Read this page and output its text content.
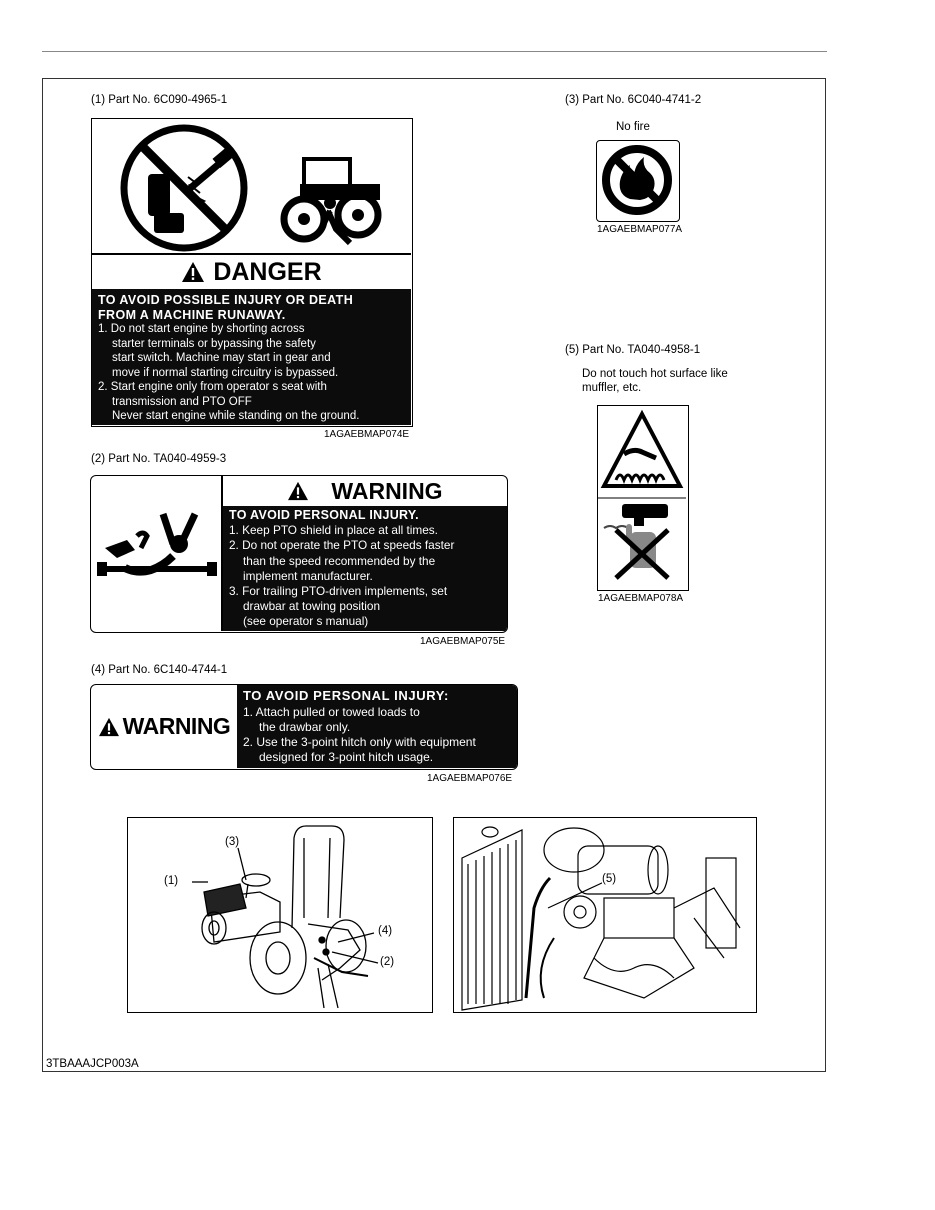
(1) Part No. 6C090-4965-1
DANGER
TO AVOID POSSIBLE INJURY OR DEATH
FROM A MACHINE RUNAWAY.

1. Do not start engine by shorting across

starter terminals or bypassing the safety

start switch. Machine may start in gear and

move if normal starting circuitry is bypassed.

2. Start engine only from operator s seat with

transmission and PTO OFF

Never start engine while standing on the ground.

1AGAEBMAP074E
(2) Part No. TA040-4959-3
WARNING
TO AVOID PERSONAL INJURY.

1. Keep PTO shield in place at all times.

2. Do not operate the PTO at speeds faster

than the speed recommended by the

implement manufacturer.

3. For trailing PTO-driven implements, set

drawbar at towing position

(see operator s manual)

1AGAEBMAP075E
(4) Part No. 6C140-4744-1
WARNING
TO AVOID PERSONAL INJURY:

1. Attach pulled or towed loads to

the drawbar only.

2. Use the 3-point hitch only with equipment

designed for 3-point hitch usage.

1AGAEBMAP076E
(3) Part No. 6C040-4741-2
No fire
1AGAEBMAP077A
(5) Part No. TA040-4958-1
Do not touch hot surface like
muffler, etc.
1AGAEBMAP078A
(3)
(1)
(4)
(2)
(5)
3TBAAAJCP003A
